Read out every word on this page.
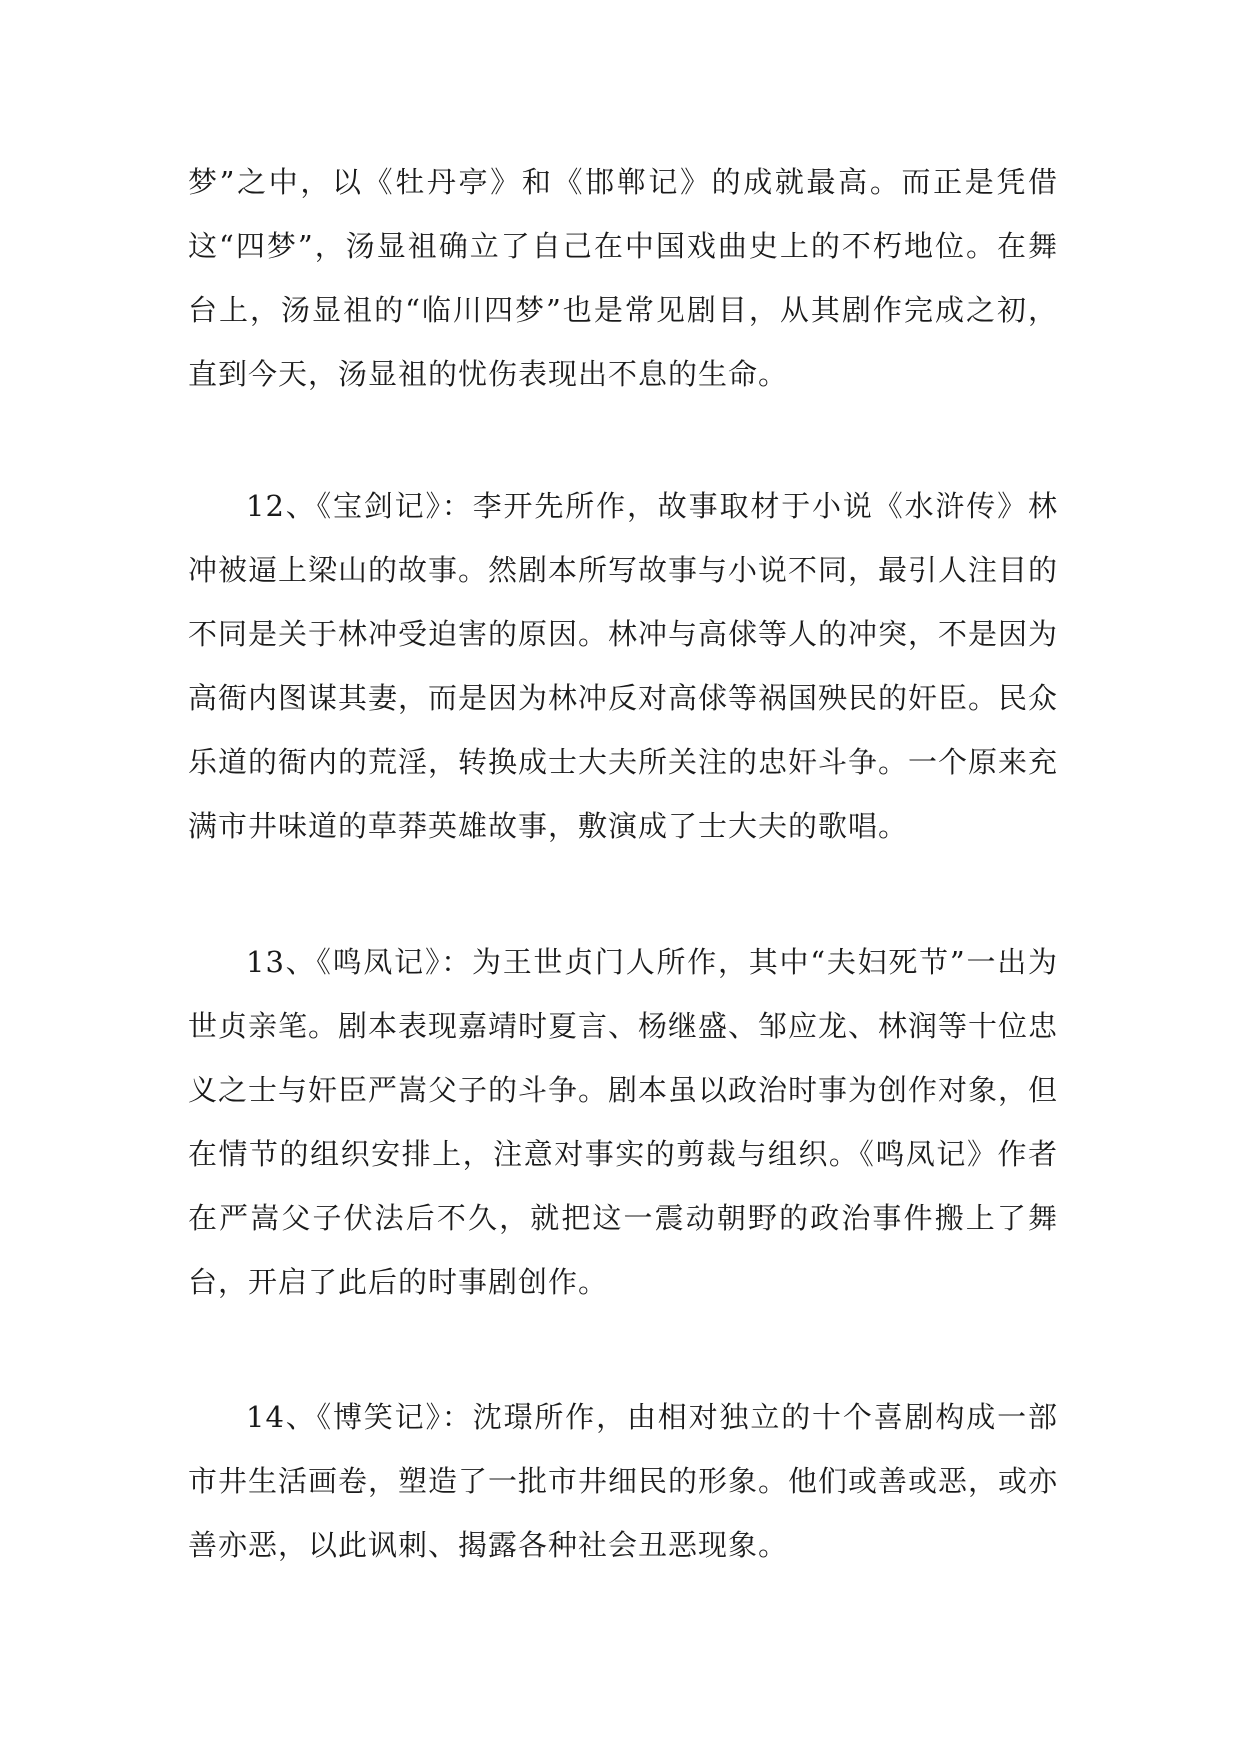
梦”之中，以《牡丹亭》和《邯郸记》的成就最高。而正是凭借这“四梦”，汤显祖确立了自己在中国戏曲史上的不朽地位。在舞台上，汤显祖的“临川四梦”也是常见剧目，从其剧作完成之初，直到今天，汤显祖的忧伤表现出不息的生命。

12、《宝剑记》：李开先所作，故事取材于小说《水浒传》林冲被逼上梁山的故事。然剧本所写故事与小说不同，最引人注目的不同是关于林冲受迫害的原因。林冲与高俅等人的冲突，不是因为高衙内图谋其妻，而是因为林冲反对高俅等祸国殃民的奸臣。民众乐道的衙内的荒淫，转换成士大夫所关注的忠奸斗争。一个原来充满市井味道的草莽英雄故事，敷演成了士大夫的歌唱。

13、《鸣凤记》：为王世贞门人所作，其中“夫妇死节”一出为世贞亲笔。剧本表现嘉靖时夏言、杨继盛、邹应龙、林润等十位忠义之士与奸臣严嵩父子的斗争。剧本虽以政治时事为创作对象，但在情节的组织安排上，注意对事实的剪裁与组织。《鸣凤记》作者在严嵩父子伏法后不久，就把这一震动朝野的政治事件搬上了舞台，开启了此后的时事剧创作。

14、《博笑记》：沈璟所作，由相对独立的十个喜剧构成一部市井生活画卷，塑造了一批市井细民的形象。他们或善或恶，或亦善亦恶，以此讽刺、揭露各种社会丑恶现象。
